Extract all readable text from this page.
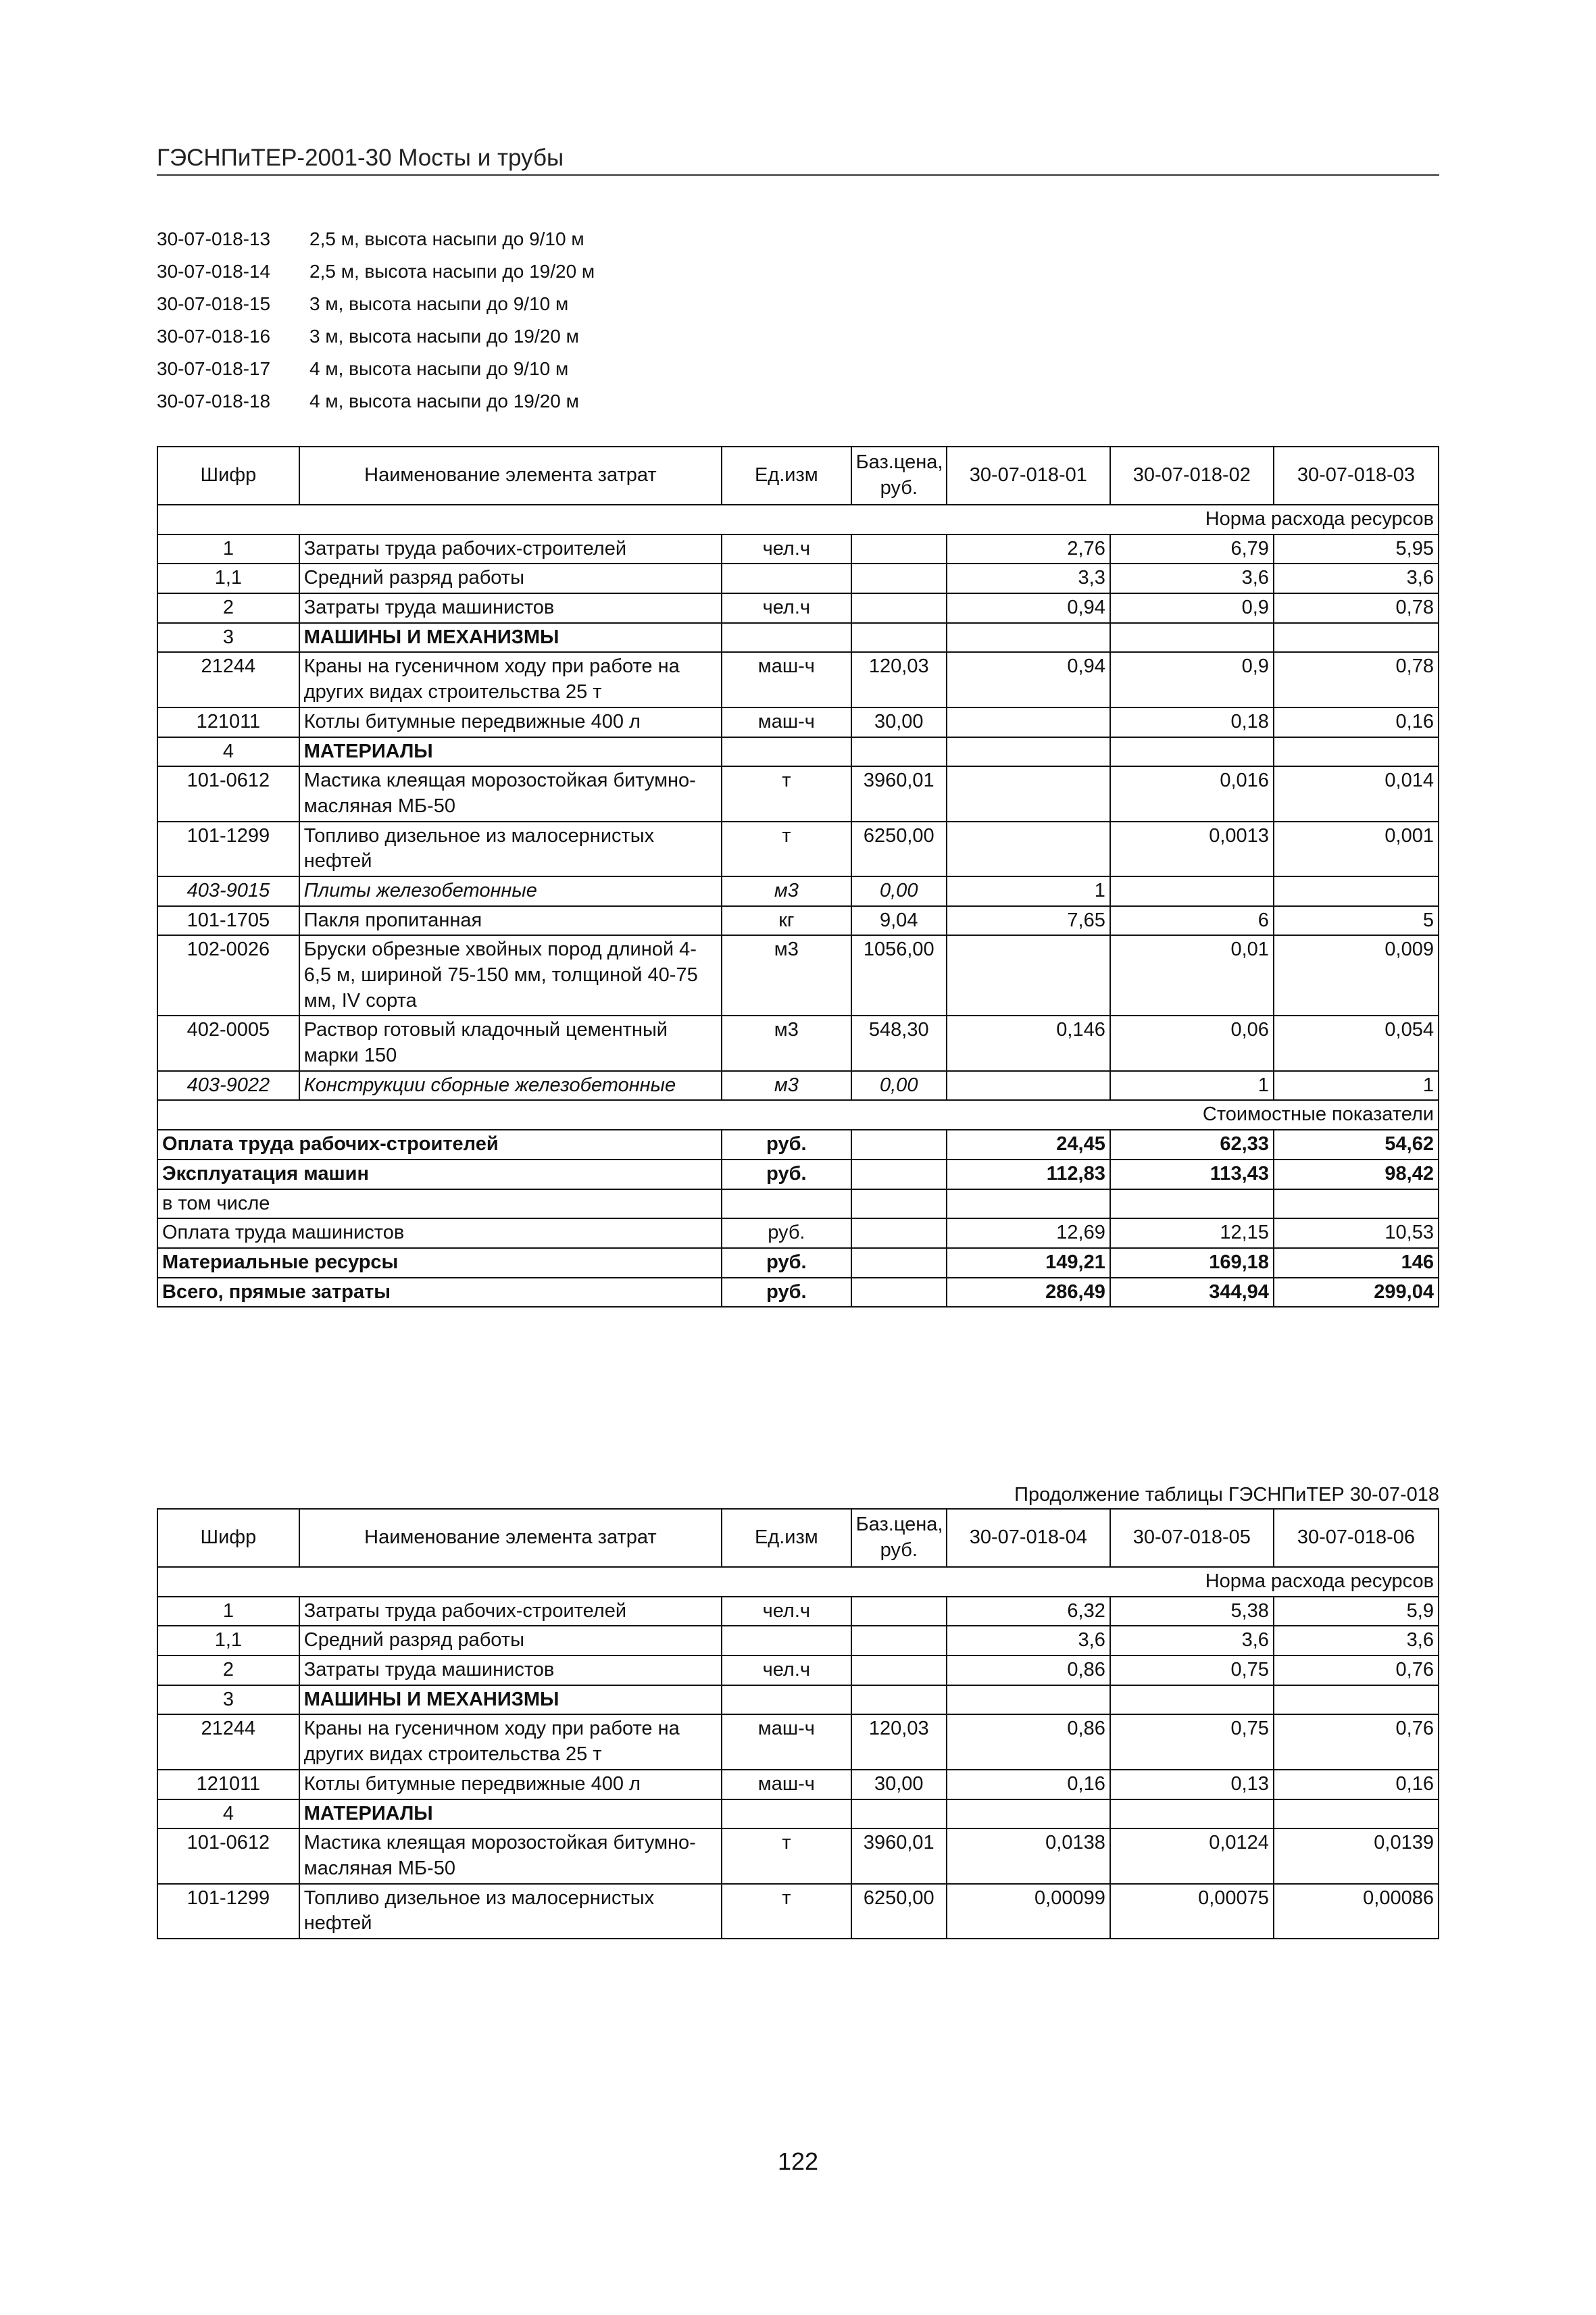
ГЭСНПиТЕР-2001-30 Мосты и трубы
30-07-018-13	2,5 м, высота насыпи до 9/10 м
30-07-018-14	2,5 м, высота насыпи до 19/20 м
30-07-018-15	3 м, высота насыпи до 9/10 м
30-07-018-16	3 м, высота насыпи до 19/20 м
30-07-018-17	4 м, высота насыпи до 9/10 м
30-07-018-18	4 м, высота насыпи до 19/20 м
Шифр	Наименование элемента затрат	Ед.изм	Баз.цена, руб.	30-07-018-01	30-07-018-02	30-07-018-03
Норма расхода ресурсов						
1	Затраты труда рабочих-строителей	чел.ч		2,76	6,79	5,95
1,1	Средний разряд работы			3,3	3,6	3,6
2	Затраты труда машинистов	чел.ч		0,94	0,9	0,78
3	МАШИНЫ И МЕХАНИЗМЫ					
21244	Краны на гусеничном ходу при работе на других видах строительства 25 т	маш-ч	120,03	0,94	0,9	0,78
121011	Котлы битумные передвижные 400 л	маш-ч	30,00		0,18	0,16
4	МАТЕРИАЛЫ					
101-0612	Мастика клеящая морозостойкая битумно-масляная МБ-50	т	3960,01		0,016	0,014
101-1299	Топливо дизельное из малосернистых нефтей	т	6250,00		0,0013	0,001
403-9015	Плиты железобетонные	м3	0,00	1		
101-1705	Пакля пропитанная	кг	9,04	7,65	6	5
102-0026	Бруски обрезные хвойных пород длиной 4-6,5 м, шириной 75-150 мм, толщиной 40-75 мм, IV сорта	м3	1056,00		0,01	0,009
402-0005	Раствор готовый кладочный цементный марки 150	м3	548,30	0,146	0,06	0,054
403-9022	Конструкции сборные железобетонные	м3	0,00		1	1
Стоимостные показатели						
Оплата труда рабочих-строителей		руб.		24,45	62,33	54,62
Эксплуатация машин		руб.		112,83	113,43	98,42
в том числе						
Оплата труда машинистов		руб.		12,69	12,15	10,53
Материальные ресурсы		руб.		149,21	169,18	146
Всего, прямые затраты		руб.		286,49	344,94	299,04
Продолжение таблицы ГЭСНПиТЕР 30-07-018
Шифр	Наименование элемента затрат	Ед.изм	Баз.цена, руб.	30-07-018-04	30-07-018-05	30-07-018-06
Норма расхода ресурсов						
1	Затраты труда рабочих-строителей	чел.ч		6,32	5,38	5,9
1,1	Средний разряд работы			3,6	3,6	3,6
2	Затраты труда машинистов	чел.ч		0,86	0,75	0,76
3	МАШИНЫ И МЕХАНИЗМЫ					
21244	Краны на гусеничном ходу при работе на других видах строительства 25 т	маш-ч	120,03	0,86	0,75	0,76
121011	Котлы битумные передвижные 400 л	маш-ч	30,00	0,16	0,13	0,16
4	МАТЕРИАЛЫ					
101-0612	Мастика клеящая морозостойкая битумно-масляная МБ-50	т	3960,01	0,0138	0,0124	0,0139
101-1299	Топливо дизельное из малосернистых нефтей	т	6250,00	0,00099	0,00075	0,00086
122
